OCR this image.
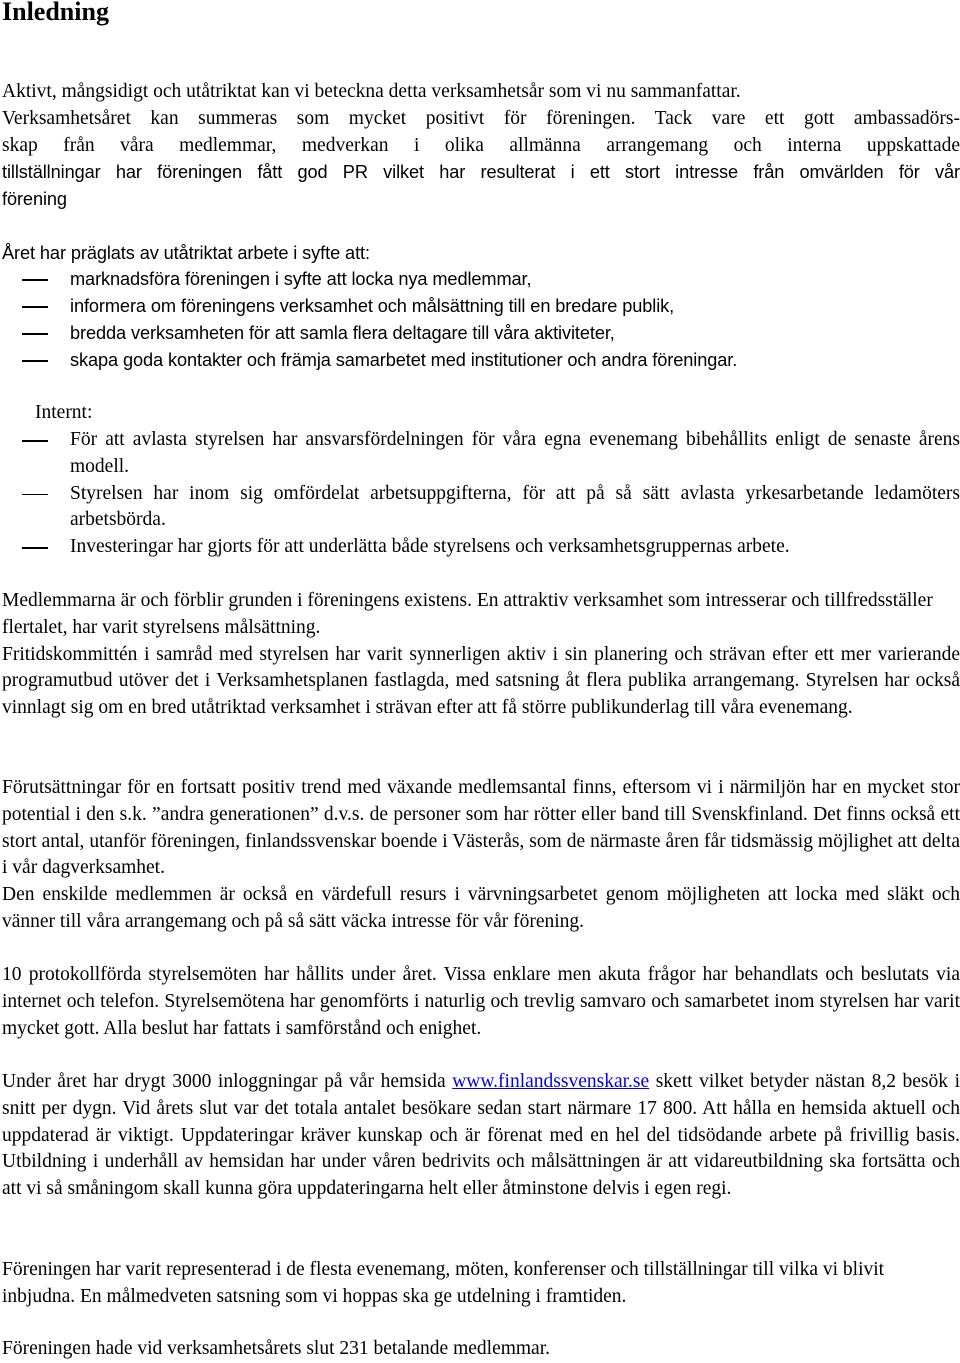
Inledning
Aktivt, mångsidigt och utåtriktat kan vi beteckna detta verksamhetsår som vi nu sammanfattar.
Verksamhetsåret kan summeras som mycket positivt för föreningen. Tack vare ett gott ambassadörs-
skap från våra medlemmar, medverkan i olika allmänna arrangemang och interna uppskattade
tillställningar har föreningen fått god PR vilket har resulterat i ett stort intresse från omvärlden för vår
förening
Året har präglats av utåtriktat arbete i syfte att:
marknadsföra föreningen i syfte att locka nya medlemmar,
informera om föreningens verksamhet och målsättning till en bredare publik,
bredda verksamheten för att samla flera deltagare till våra aktiviteter,
skapa goda kontakter och främja samarbetet med institutioner och andra föreningar.
Internt:
För att avlasta styrelsen har ansvarsfördelningen för våra egna evenemang bibehållits enligt de senaste årens modell.
Styrelsen har inom sig omfördelat arbetsuppgifterna, för att på så sätt avlasta yrkesarbetande ledamöters arbetsbörda.
Investeringar har gjorts för att underlätta både styrelsens och verksamhetsgruppernas arbete.
Medlemmarna är och förblir grunden i föreningens existens. En attraktiv verksamhet som intresserar och tillfredsställer flertalet, har varit styrelsens målsättning.
Fritidskommittén i samråd med styrelsen har varit synnerligen aktiv i sin planering och strävan efter ett mer varierande programutbud utöver det i Verksamhetsplanen fastlagda, med satsning åt flera publika arrangemang. Styrelsen har också vinnlagt sig om en bred utåtriktad verksamhet i strävan efter att få större publikunderlag till våra evenemang.
Förutsättningar för en fortsatt positiv trend med växande medlemsantal finns, eftersom vi i närmiljön har en mycket stor potential i den s.k. ”andra generationen” d.v.s. de personer som har rötter eller band till Svenskfinland. Det finns också ett stort antal, utanför föreningen, finlandssvenskar boende i Västerås, som de närmaste åren får tidsmässig möjlighet att delta i vår dagverksamhet.
Den enskilde medlemmen är också en värdefull resurs i värvningsarbetet genom möjligheten att locka med släkt och vänner till våra arrangemang och på så sätt väcka intresse för vår förening.
10 protokollförda styrelsemöten har hållits under året. Vissa enklare men akuta frågor har behandlats och beslutats via internet och telefon. Styrelsemötena har genomförts i naturlig och trevlig samvaro och samarbetet inom styrelsen har varit mycket gott. Alla beslut har fattats i samförstånd och enighet.
Under året har drygt 3000 inloggningar på vår hemsida www.finlandssvenskar.se skett vilket betyder nästan 8,2 besök i snitt per dygn. Vid årets slut var det totala antalet besökare sedan start närmare 17 800. Att hålla en hemsida aktuell och uppdaterad är viktigt. Uppdateringar kräver kunskap och är förenat med en hel del tidsödande arbete på frivillig basis. Utbildning i underhåll av hemsidan har under våren bedrivits och målsättningen är att vidareutbildning ska fortsätta och att vi så småningom skall kunna göra uppdateringarna helt eller åtminstone delvis i egen regi.
Föreningen har varit representerad i de flesta evenemang, möten, konferenser och tillställningar till vilka vi blivit inbjudna. En målmedveten satsning som vi hoppas ska ge utdelning i framtiden.
Föreningen hade vid verksamhetsårets slut 231 betalande medlemmar.
